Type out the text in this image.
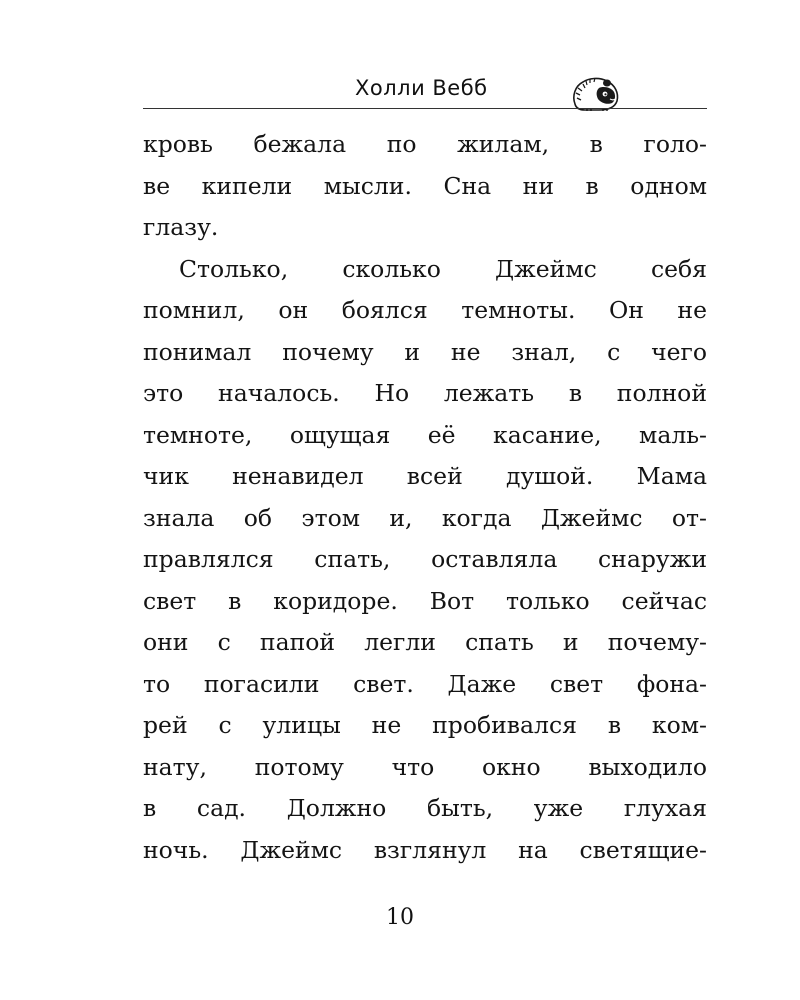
Холли Вебб
кровь бежала по жилам, в голо-
ве кипели мысли. Сна ни в одном
глазу.
Столько, сколько Джеймс себя
помнил, он боялся темноты. Он не
понимал почему и не знал, с чего
это началось. Но лежать в полной
темноте, ощущая её касание, маль-
чик ненавидел всей душой. Мама
знала об этом и, когда Джеймс от-
правлялся спать, оставляла снаружи
свет в коридоре. Вот только сейчас
они с папой легли спать и почему-
то погасили свет. Даже свет фона-
рей с улицы не пробивался в ком-
нату, потому что окно выходило
в сад. Должно быть, уже глухая
ночь. Джеймс взглянул на светящие-
10
